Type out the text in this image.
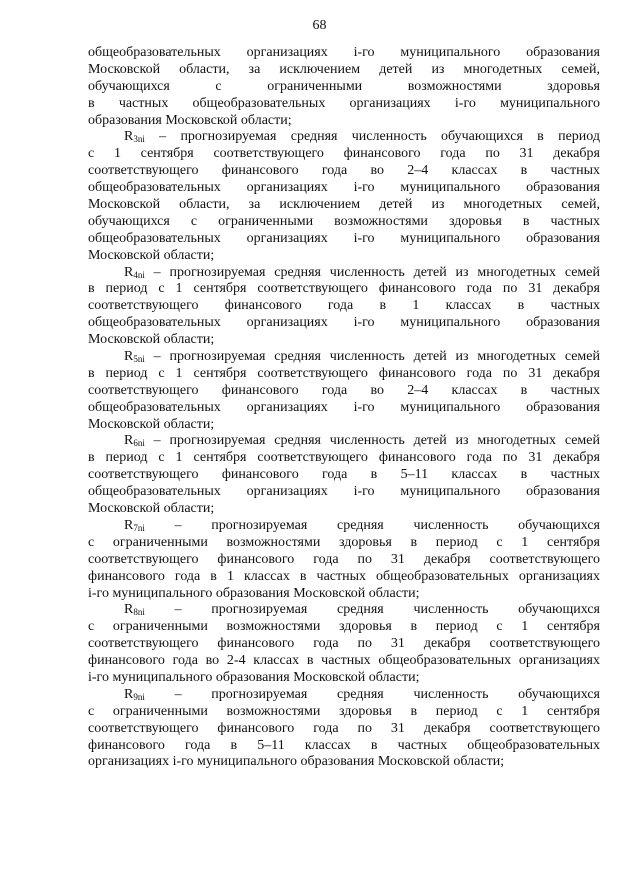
68
общеобразовательных организациях i-го муниципального образования
Московской области, за исключением детей из многодетных семей,
обучающихся с ограниченными возможностями здоровья
в частных общеобразовательных организациях i-го муниципального
образования Московской области;
$R_{3ni}$ – прогнозируемая средняя численность обучающихся в период
с 1 сентября соответствующего финансового года по 31 декабря
соответствующего финансового года во 2–4 классах в частных
общеобразовательных организациях i-го муниципального образования
Московской области, за исключением детей из многодетных семей,
обучающихся с ограниченными возможностями здоровья в частных
общеобразовательных организациях i-го муниципального образования
Московской области;
$R_{4ni}$ – прогнозируемая средняя численность детей из многодетных семей
в период с 1 сентября соответствующего финансового года по 31 декабря
соответствующего финансового года в 1 классах в частных
общеобразовательных организациях i-го муниципального образования
Московской области;
$R_{5ni}$ – прогнозируемая средняя численность детей из многодетных семей
в период с 1 сентября соответствующего финансового года по 31 декабря
соответствующего финансового года во 2–4 классах в частных
общеобразовательных организациях i-го муниципального образования
Московской области;
$R_{6ni}$ – прогнозируемая средняя численность детей из многодетных семей
в период с 1 сентября соответствующего финансового года по 31 декабря
соответствующего финансового года в 5–11 классах в частных
общеобразовательных организациях i-го муниципального образования
Московской области;
$R_{7ni}$ – прогнозируемая средняя численность обучающихся
с ограниченными возможностями здоровья в период с 1 сентября
соответствующего финансового года по 31 декабря соответствующего
финансового года в 1 классах в частных общеобразовательных организациях
i-го муниципального образования Московской области;
$R_{8ni}$ – прогнозируемая средняя численность обучающихся
с ограниченными возможностями здоровья в период с 1 сентября
соответствующего финансового года по 31 декабря соответствующего
финансового года во 2-4 классах в частных общеобразовательных организациях
i-го муниципального образования Московской области;
$R_{9ni}$ – прогнозируемая средняя численность обучающихся
с ограниченными возможностями здоровья в период с 1 сентября
соответствующего финансового года по 31 декабря соответствующего
финансового года в 5–11 классах в частных общеобразовательных
организациях i-го муниципального образования Московской области;
